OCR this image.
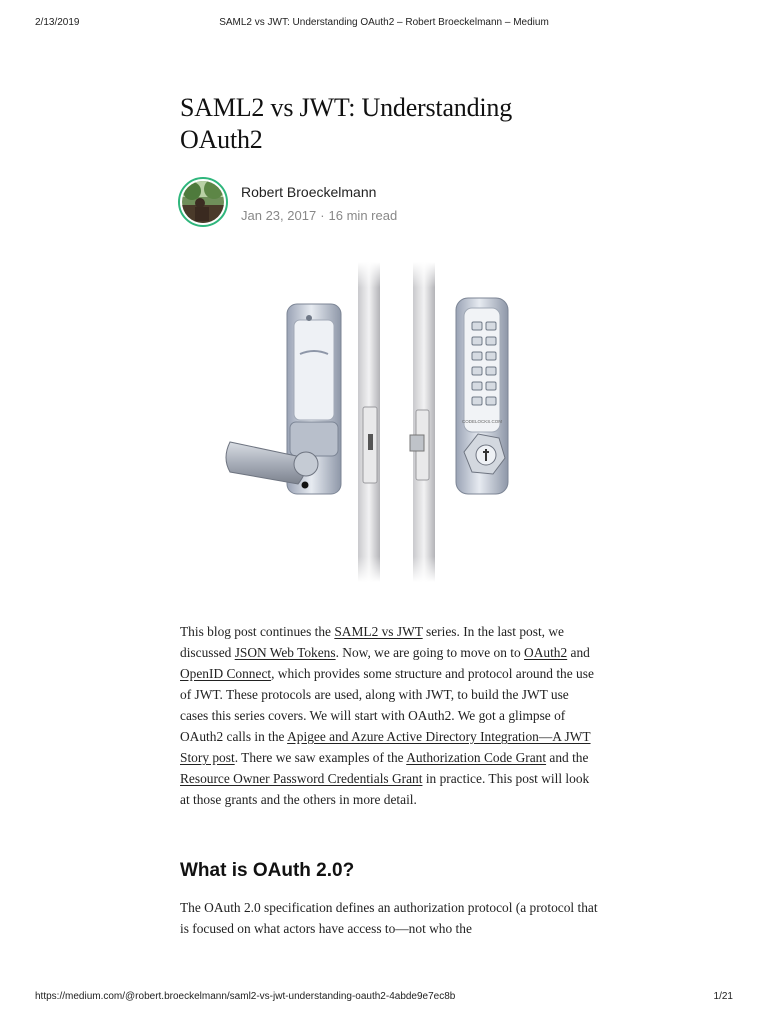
2/13/2019	SAML2 vs JWT: Understanding OAuth2 – Robert Broeckelmann – Medium
SAML2 vs JWT: Understanding OAuth2
Robert Broeckelmann
Jan 23, 2017 · 16 min read
CODELOCKS.COM

This blog post continues the SAML2 vs JWT series. In the last post, we discussed JSON Web Tokens. Now, we are going to move on to OAuth2 and OpenID Connect, which provides some structure and protocol around the use of JWT. These protocols are used, along with JWT, to build the JWT use cases this series covers. We will start with OAuth2. We got a glimpse of OAuth2 calls in the Apigee and Azure Active Directory Integration—A JWT Story post. There we saw examples of the Authorization Code Grant and the Resource Owner Password Credentials Grant in practice. This post will look at those grants and the others in more detail.

What is OAuth 2.0?

The OAuth 2.0 specification defines an authorization protocol (a protocol that is focused on what actors have access to—not who the

https://medium.com/@robert.broeckelmann/saml2-vs-jwt-understanding-oauth2-4abde9e7ec8b	1/21
